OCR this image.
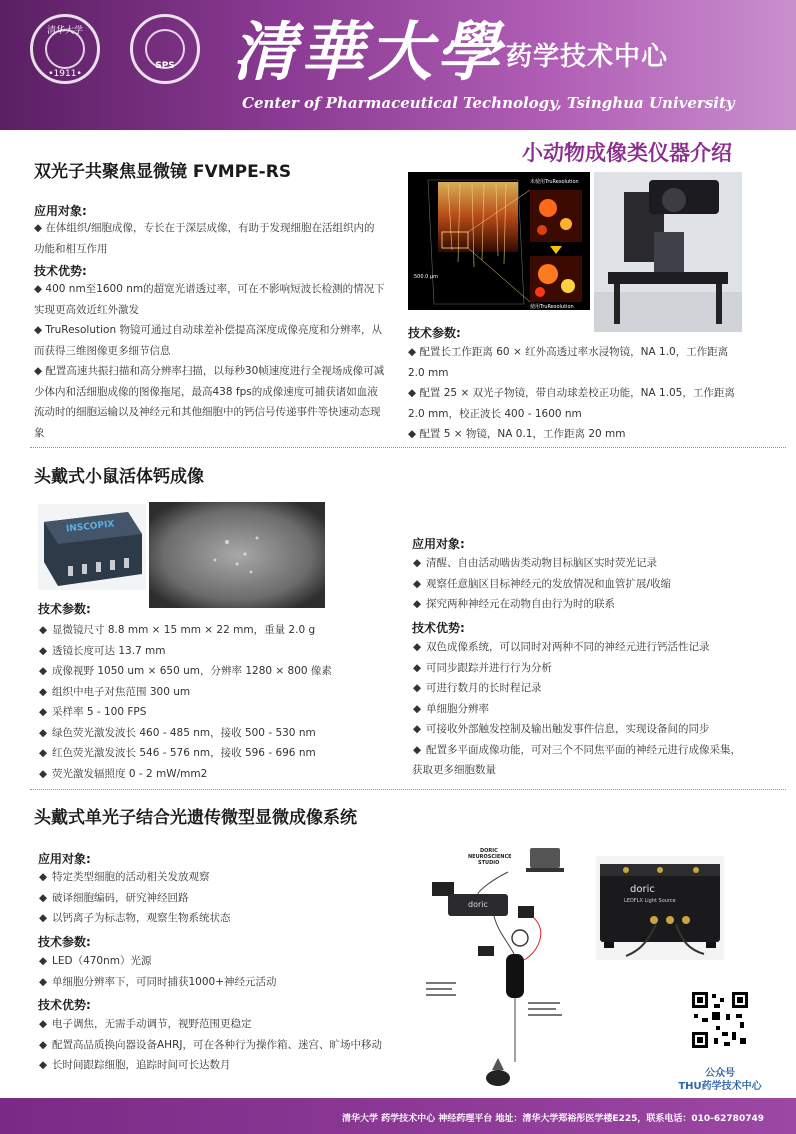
清华大学
•1911•
SPS 清華大學 药学技术中心
Center of Pharmaceutical Technology, Tsinghua University
小动物成像类仪器介绍
双光子共聚焦显微镜 FVMPE-RS
应用对象:
◆ 在体组织/细胞成像，专长在于深层成像，有助于发现细胞在活组织内的功能和相互作用
技术优势:

◆ 400 nm至1600 nm的超宽光谱透过率，可在不影响短波长检测的情况下实现更高效近红外激发

◆ TruResolution 物镜可通过自动球差补偿提高深度成像亮度和分辨率，从而获得三维图像更多细节信息

◆ 配置高速共振扫描和高分辨率扫描，以每秒30帧速度进行全视场成像可减少体内和活细胞成像的图像拖尾，最高438 fps的成像速度可捕获诸如血液流动时的细胞运输以及神经元和其他细胞中的钙信号传递事件等快速动态现象

未使用TruResolution
使用TruResolution
500.0 μm
技术参数:

◆ 配置长工作距离 60 × 红外高透过率水浸物镜，NA 1.0，工作距离 2.0 mm

◆ 配置 25 × 双光子物镜，带自动球差校正功能，NA 1.05，工作距离 2.0 mm，校正波长 400 - 1600 nm

◆ 配置 5 × 物镜，NA 0.1，工作距离 20 mm

头戴式小鼠活体钙成像
INSCOPIX
技术参数:
◆ 显微镜尺寸 8.8 mm × 15 mm × 22 mm，重量 2.0 g
◆ 透镜长度可达 13.7 mm
◆ 成像视野 1050 um × 650 um，分辨率 1280 × 800 像素
◆ 组织中电子对焦范围 300 um
◆ 采样率 5 - 100 FPS
◆ 绿色荧光激发波长 460 - 485 nm，接收 500 - 530 nm
◆ 红色荧光激发波长 546 - 576 nm，接收 596 - 696 nm
◆ 荧光激发辐照度 0 - 2 mW/mm2
应用对象:
◆ 清醒、自由活动啮齿类动物目标脑区实时荧光记录
◆ 观察任意脑区目标神经元的发放情况和血管扩展/收缩
◆ 探究两种神经元在动物自由行为时的联系
技术优势:
◆ 双色成像系统，可以同时对两种不同的神经元进行钙活性记录
◆ 可同步跟踪并进行行为分析
◆ 可进行数月的长时程记录
◆ 单细胞分辨率
◆ 可接收外部触发控制及输出触发事件信息，实现设备间的同步
◆ 配置多平面成像功能，可对三个不同焦平面的神经元进行成像采集，
获取更多细胞数量
头戴式单光子结合光遗传微型显微成像系统
应用对象:
◆ 特定类型细胞的活动相关发放观察
◆ 破译细胞编码，研究神经回路
◆ 以钙离子为标志物，观察生物系统状态
技术参数:
◆ LED（470nm）光源
◆ 单细胞分辨率下，可同时捕获1000+神经元活动
技术优势:
◆ 电子调焦，无需手动调节，视野范围更稳定
◆ 配置高品质换向器设备AHRJ，可在各种行为操作箱、迷宫、旷场中移动
◆ 长时间跟踪细胞，追踪时间可长达数月
DORIC
NEUROSCIENCE
STUDIO
doric
doric
LEDFLX Light Source
公众号
THU药学技术中心
清华大学 药学技术中心 神经药理平台 地址：清华大学郑裕彤医学楼E225，联系电话：010-62780749
